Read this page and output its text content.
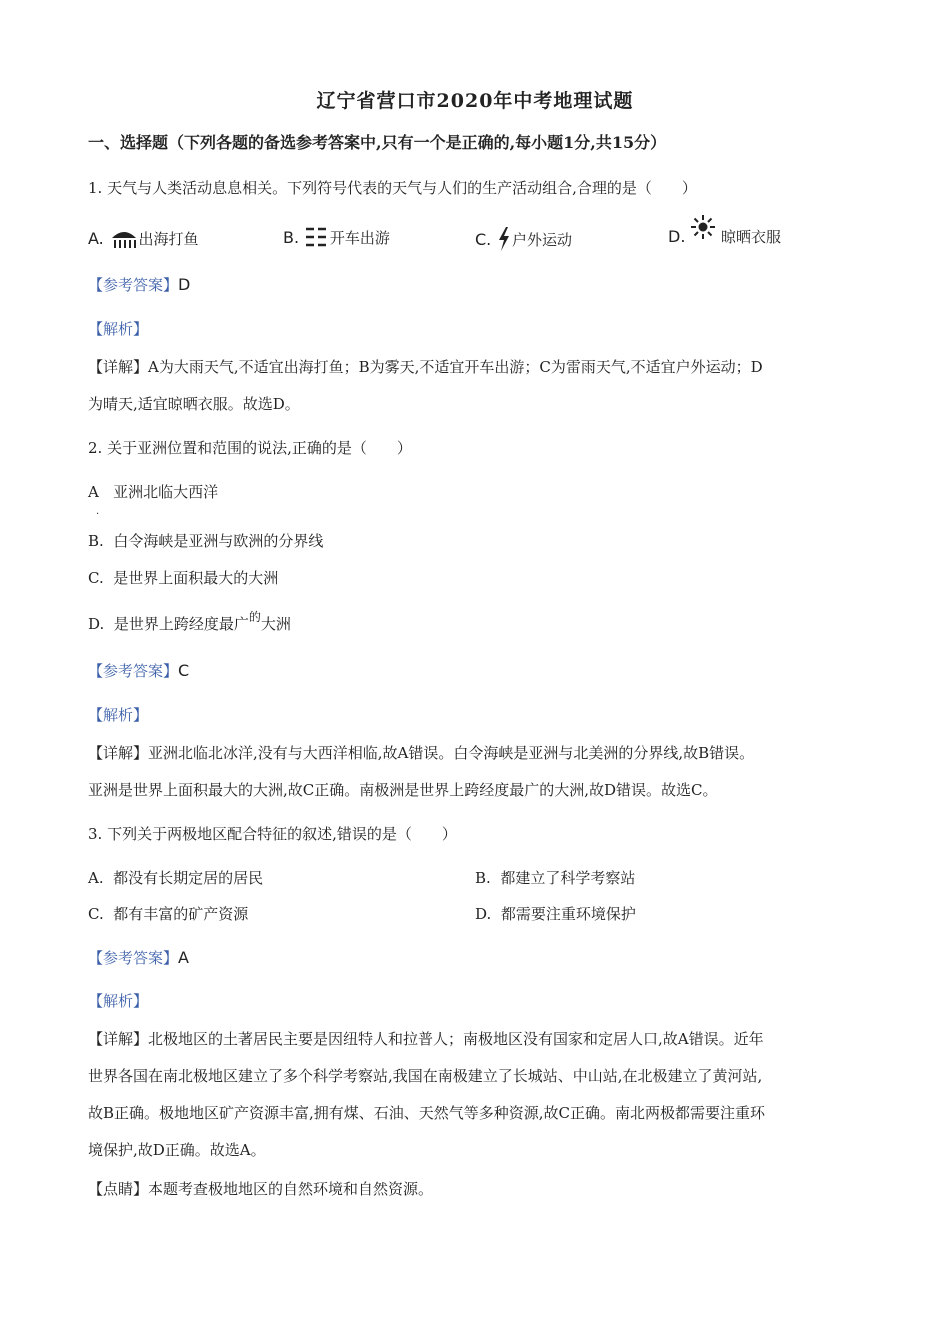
辽宁省营口市2020年中考地理试题
一、选择题（下列各题的备选参考答案中,只有一个是正确的,每小题1分,共15分）
1. 天气与人类活动息息相关。下列符号代表的天气与人们的生产活动组合,合理的是（　　）
A. 出海打鱼	B. 开车出游	C. 户外运动	D. 晾晒衣服
【参考答案】D
【解析】
【详解】A为大雨天气,不适宜出海打鱼；B为雾天,不适宜开车出游；C为雷雨天气,不适宜户外运动；D
为晴天,适宜晾晒衣服。故选D。
2. 关于亚洲位置和范围的说法,正确的是（　　）
A 亚洲北临大西洋
.
B. 白令海峡是亚洲与欧洲的分界线
C. 是世界上面积最大的大洲
D. 是世界上跨经度最广$^的$大洲
【参考答案】C
【解析】
【详解】亚洲北临北冰洋,没有与大西洋相临,故A错误。白令海峡是亚洲与北美洲的分界线,故B错误。
亚洲是世界上面积最大的大洲,故C正确。南极洲是世界上跨经度最广的大洲,故D错误。故选C。
3. 下列关于两极地区配合特征的叙述,错误的是（　　）
A. 都没有长期定居的居民	B. 都建立了科学考察站
C. 都有丰富的矿产资源	D. 都需要注重环境保护
【参考答案】A
【解析】
【详解】北极地区的土著居民主要是因纽特人和拉普人；南极地区没有国家和定居人口,故A错误。近年
世界各国在南北极地区建立了多个科学考察站,我国在南极建立了长城站、中山站,在北极建立了黄河站,
故B正确。极地地区矿产资源丰富,拥有煤、石油、天然气等多种资源,故C正确。南北两极都需要注重环
境保护,故D正确。故选A。
【点睛】本题考查极地地区的自然环境和自然资源。
